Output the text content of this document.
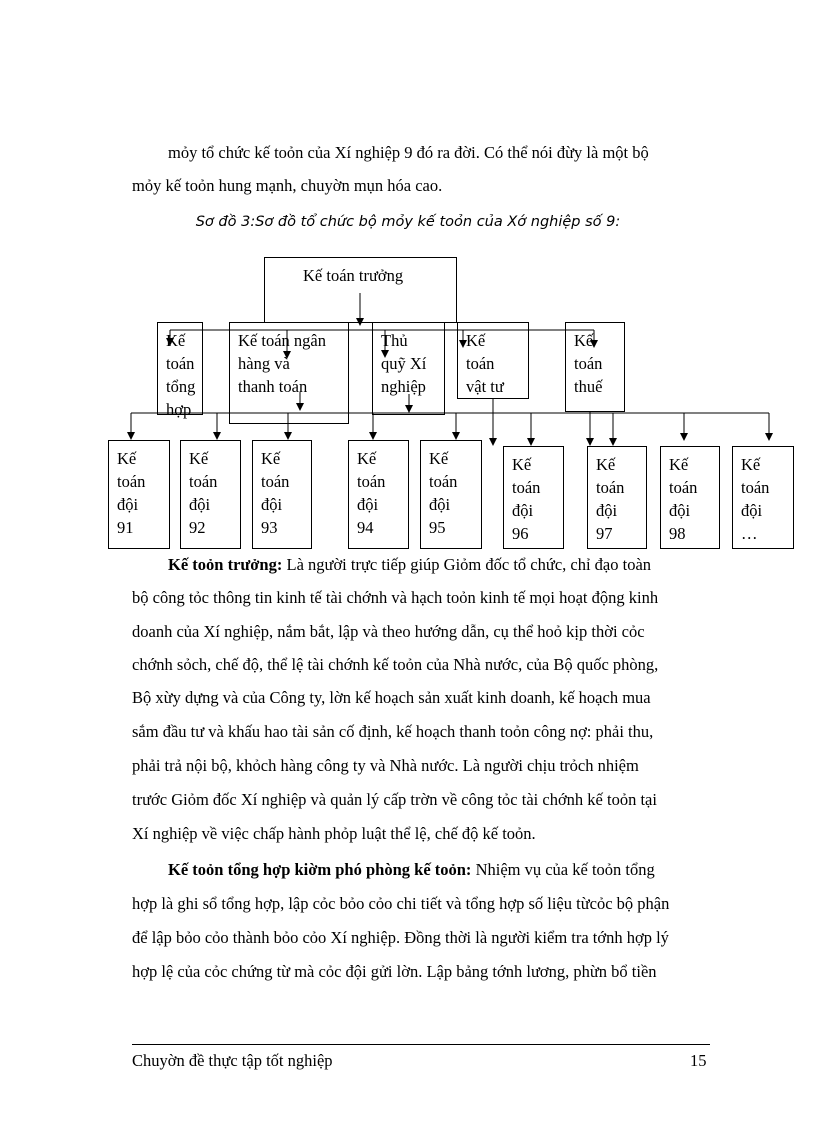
mỏy tổ chức kế toỏn của Xí nghiệp 9 đó ra đời. Có thể nói đừy là một bộ
mỏy kế toỏn hung mạnh, chuyờn mụn hóa cao.
Sơ đồ 3:Sơ đồ tổ chức bộ mỏy kế toỏn của Xớ nghiệp số 9:
Kế toán trưởng
Kế
toán
tổng
hợp
Kế toán ngân
hàng và
thanh toán
Thủ
quỹ Xí
nghiệp
Kế
toán
vật tư
Kế
toán
thuế
Kế
toán
đội
91
Kế
toán
đội
92
Kế
toán
đội
93
Kế
toán
đội
94
Kế
toán
đội
95
Kế
toán
đội
96
Kế
toán
đội
97
Kế
toán
đội
98
Kế
toán
đội
…
Kế toỏn trưởng: Là người trực tiếp giúp Giỏm đốc tổ chức, chỉ đạo toàn
bộ công tỏc thông tin kinh tế tài chớnh và hạch toỏn kinh tế mọi hoạt động kinh
doanh của Xí nghiệp, nắm bắt, lập và theo hướng dẫn, cụ thể hoỏ kịp thời cỏc
chớnh sỏch, chế độ, thể lệ tài chớnh kế toỏn của Nhà nước, của Bộ quốc phòng,
Bộ xừy dựng và của Công ty, lờn kế hoạch sản xuất kinh doanh, kế hoạch mua
sắm đầu tư và khấu hao tài sản cố định, kế hoạch thanh toỏn công nợ: phải thu,
phải trả nội bộ, khỏch hàng công ty và Nhà nước. Là người chịu trỏch nhiệm
trước Giỏm đốc Xí nghiệp và quản lý cấp trờn về công tỏc tài chớnh kế toỏn tại
Xí nghiệp về việc chấp hành phỏp luật thể lệ, chế độ kế toỏn.
Kế toỏn tổng hợp kiờm phó phòng kế toỏn: Nhiệm vụ của kế toỏn tổng
hợp là ghi sổ tổng hợp, lập cỏc bỏo cỏo chi tiết và tổng hợp số liệu từcỏc bộ phận
để lập bỏo cỏo thành bỏo cỏo Xí nghiệp. Đồng thời là người kiểm tra tớnh hợp lý
hợp lệ của cỏc chứng từ mà cỏc đội gửi lờn. Lập bảng tớnh lương, phừn bổ tiền
Chuyờn đề thực tập tốt nghiệp	15
